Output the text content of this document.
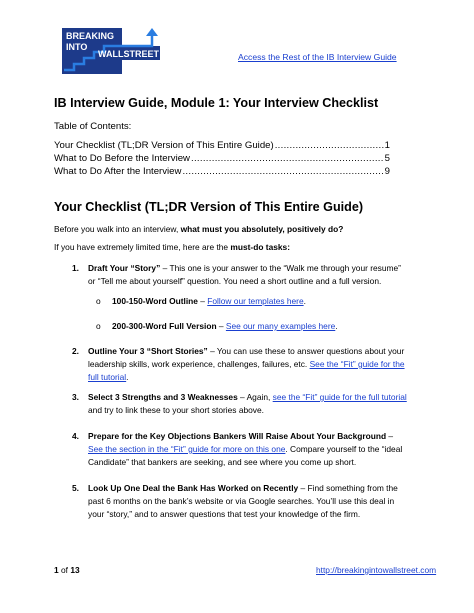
BREAKING
INTO
WALLSTREET	Access the Rest of the IB Interview Guide
IB Interview Guide, Module 1: Your Interview Checklist
Table of Contents:
Your Checklist (TL;DR Version of This Entire Guide) .....	1
What to Do Before the Interview .....	5
What to Do After the Interview .....	9
Your Checklist (TL;DR Version of This Entire Guide)
Before you walk into an interview, what must you absolutely, positively do?
If you have extremely limited time, here are the must-do tasks:
1. Draft Your “Story” – This one is your answer to the “Walk me through your resume” or “Tell me about yourself” question. You need a short outline and a full version.
o 100-150-Word Outline – Follow our templates here.
o 200-300-Word Full Version – See our many examples here.
2. Outline Your 3 “Short Stories” – You can use these to answer questions about your leadership skills, work experience, challenges, failures, etc. See the “Fit” guide for the full tutorial.
3. Select 3 Strengths and 3 Weaknesses – Again, see the “Fit” guide for the full tutorial and try to link these to your short stories above.
4. Prepare for the Key Objections Bankers Will Raise About Your Background – See the section in the “Fit” guide for more on this one. Compare yourself to the “ideal Candidate” that bankers are seeking, and see where you come up short.
5. Look Up One Deal the Bank Has Worked on Recently – Find something from the past 6 months on the bank’s website or via Google searches. You’ll use this deal in your “story,” and to answer questions that test your knowledge of the firm.
1 of 13	http://breakingintowallstreet.com
